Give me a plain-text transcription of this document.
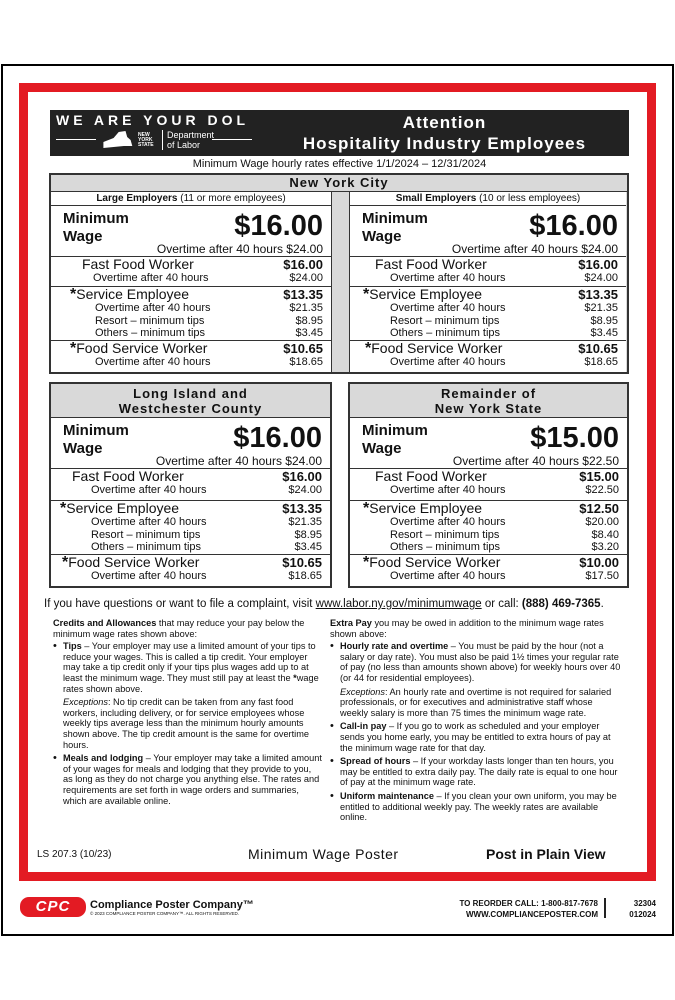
WE ARE YOUR DOL
NEW YORK STATE
Department of Labor
Attention
Hospitality Industry Employees
Minimum Wage hourly rates effective 1/1/2024 – 12/31/2024
New York City
Large Employers (11 or more employees)
Minimum
Wage	$16.00
Overtime after 40 hours $24.00
Fast Food Worker	$16.00
Overtime after 40 hours	$24.00
*Service Employee	$13.35
Overtime after 40 hours	$21.35
Resort – minimum tips	$8.95
Others – minimum tips	$3.45
*Food Service Worker	$10.65
Overtime after 40 hours	$18.65
Small Employers (10 or less employees)
Minimum
Wage	$16.00
Overtime after 40 hours $24.00
Fast Food Worker	$16.00
Overtime after 40 hours	$24.00
*Service Employee	$13.35
Overtime after 40 hours	$21.35
Resort – minimum tips	$8.95
Others – minimum tips	$3.45
*Food Service Worker	$10.65
Overtime after 40 hours	$18.65
Long Island and
Westchester County
Minimum
Wage	$16.00
Overtime after 40 hours $24.00
Fast Food Worker	$16.00
Overtime after 40 hours	$24.00
*Service Employee	$13.35
Overtime after 40 hours	$21.35
Resort – minimum tips	$8.95
Others – minimum tips	$3.45
*Food Service Worker	$10.65
Overtime after 40 hours	$18.65
Remainder of
New York State
Minimum
Wage	$15.00
Overtime after 40 hours $22.50
Fast Food Worker	$15.00
Overtime after 40 hours	$22.50
*Service Employee	$12.50
Overtime after 40 hours	$20.00
Resort – minimum tips	$8.40
Others – minimum tips	$3.20
*Food Service Worker	$10.00
Overtime after 40 hours	$17.50
If you have questions or want to file a complaint, visit www.labor.ny.gov/minimumwage or call: (888) 469-7365.

Credits and Allowances that may reduce your pay below the minimum wage rates shown above:

• Tips – Your employer may use a limited amount of your tips to reduce your wages. This is called a tip credit. Your employer may take a tip credit only if your tips plus wages add up to at least the minimum wage. They must still pay at least the *wage rates shown above.
Exceptions: No tip credit can be taken from any fast food workers, including delivery, or for service employees whose weekly tips average less than the minimum hourly amounts shown above. The tip credit amount is the same for overtime hours.
• Meals and lodging – Your employer may take a limited amount of your wages for meals and lodging that they provide to you, as long as they do not charge you anything else. The rates and requirements are set forth in wage orders and summaries, which are available online.

Extra Pay you may be owed in addition to the minimum wage rates shown above:

• Hourly rate and overtime – You must be paid by the hour (not a salary or day rate). You must also be paid 1½ times your regular rate of pay (no less than amounts shown above) for weekly hours over 40 (or 44 for residential employees).
Exceptions: An hourly rate and overtime is not required for salaried professionals, or for executives and administrative staff whose weekly salary is more than 75 times the minimum wage rate.
• Call-in pay – If you go to work as scheduled and your employer sends you home early, you may be entitled to extra hours of pay at the minimum wage rate for that day.
• Spread of hours – If your workday lasts longer than ten hours, you may be entitled to extra daily pay. The daily rate is equal to one hour of pay at the minimum wage rate.
• Uniform maintenance – If you clean your own uniform, you may be entitled to additional weekly pay. The weekly rates are available online.
LS 207.3 (10/23)	Minimum Wage Poster	Post in Plain View
CPC	Compliance Poster Company™
© 2023 COMPLIANCE POSTER COMPANY™. ALL RIGHTS RESERVED.
TO REORDER CALL: 1-800-817-7678
WWW.COMPLIANCEPOSTER.COM
32304
012024
